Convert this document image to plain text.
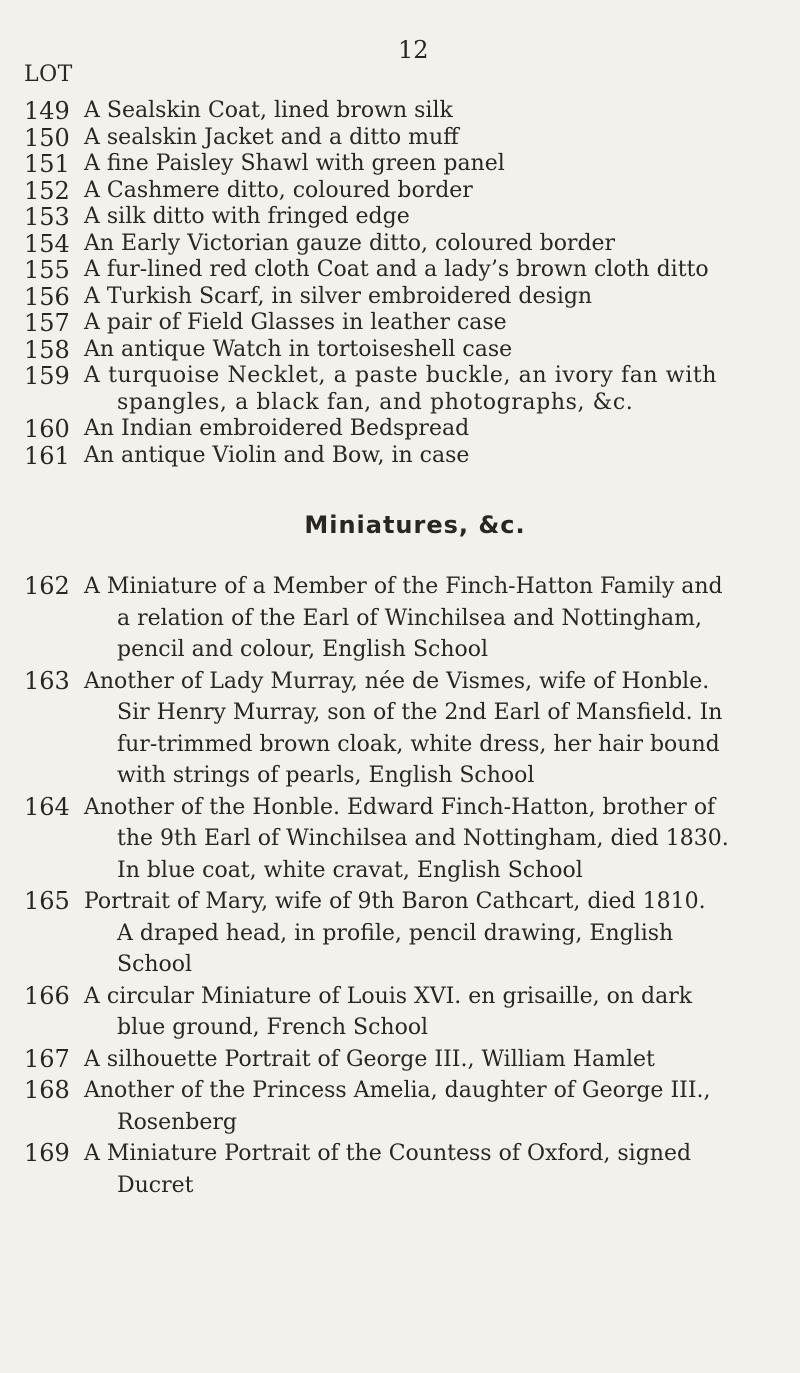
12
LOT
149 A Sealskin Coat, lined brown silk
150 A sealskin Jacket and a ditto muff
151 A fine Paisley Shawl with green panel
152 A Cashmere ditto, coloured border
153 A silk ditto with fringed edge
154 An Early Victorian gauze ditto, coloured border
155 A fur-lined red cloth Coat and a lady’s brown cloth ditto
156 A Turkish Scarf, in silver embroidered design
157 A pair of Field Glasses in leather case
158 An antique Watch in tortoiseshell case
159 A turquoise Necklet, a paste buckle, an ivory fan with
spangles, a black fan, and photographs, &c.
160 An Indian embroidered Bedspread
161 An antique Violin and Bow, in case
Miniatures, &c.
162 A Miniature of a Member of the Finch-Hatton Family and
a relation of the Earl of Winchilsea and Nottingham,
pencil and colour, English School
163 Another of Lady Murray, née de Vismes, wife of Honble.
Sir Henry Murray, son of the 2nd Earl of Mansfield. In
fur-trimmed brown cloak, white dress, her hair bound
with strings of pearls, English School
164 Another of the Honble. Edward Finch-Hatton, brother of
the 9th Earl of Winchilsea and Nottingham, died 1830.
In blue coat, white cravat, English School
165 Portrait of Mary, wife of 9th Baron Cathcart, died 1810.
A draped head, in profile, pencil drawing, English
School
166 A circular Miniature of Louis XVI. en grisaille, on dark
blue ground, French School
167 A silhouette Portrait of George III., William Hamlet
168 Another of the Princess Amelia, daughter of George III.,
Rosenberg
169 A Miniature Portrait of the Countess of Oxford, signed
Ducret
